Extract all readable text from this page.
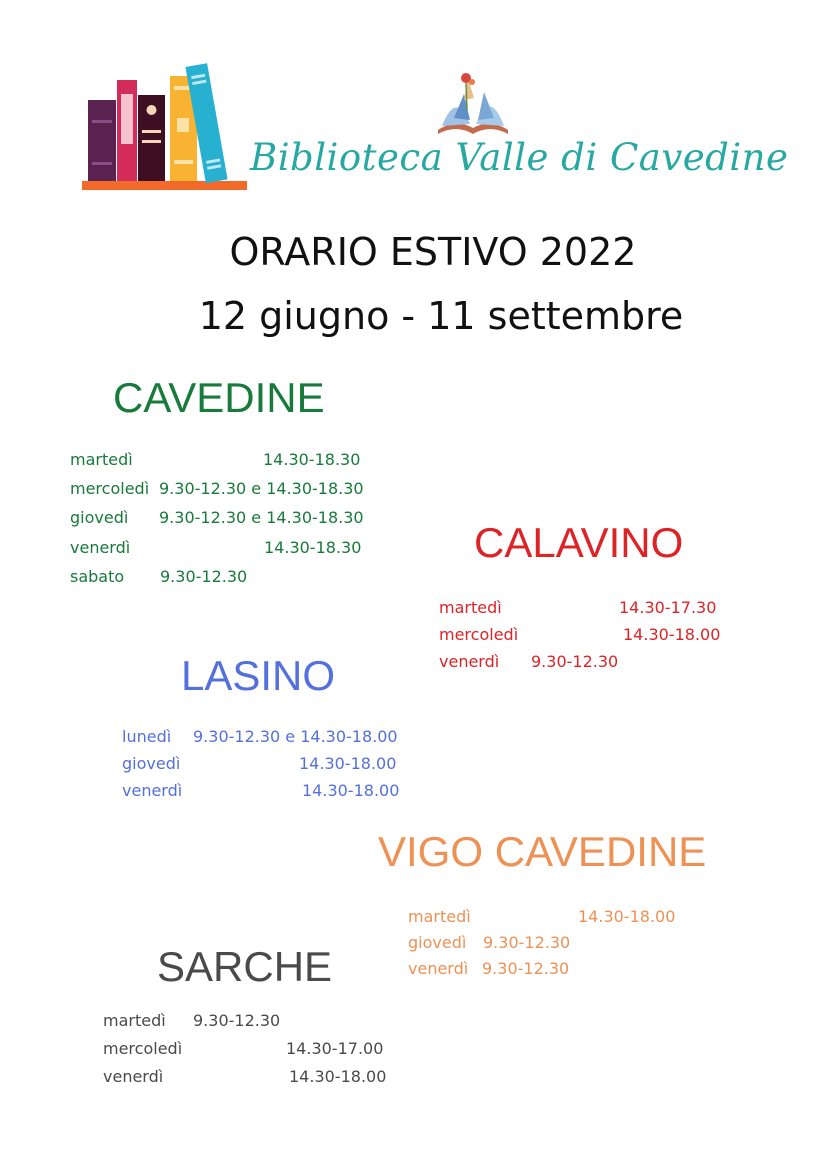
Biblioteca Valle di Cavedine
ORARIO ESTIVO 2022
12 giugno - 11 settembre
CAVEDINE
martedì	14.30-18.30
mercoledì 9.30-12.30 e 14.30-18.30
giovedì 9.30-12.30 e 14.30-18.30
venerdì	14.30-18.30
sabato 9.30-12.30
CALAVINO
martedì	14.30-17.30
mercoledì	14.30-18.00
venerdì 9.30-12.30
LASINO
lunedì 9.30-12.30 e 14.30-18.00
giovedì	14.30-18.00
venerdì	14.30-18.00
VIGO CAVEDINE
martedì	14.30-18.00
giovedì 9.30-12.30
venerdì 9.30-12.30
SARCHE
martedì 9.30-12.30
mercoledì	14.30-17.00
venerdì	14.30-18.00
